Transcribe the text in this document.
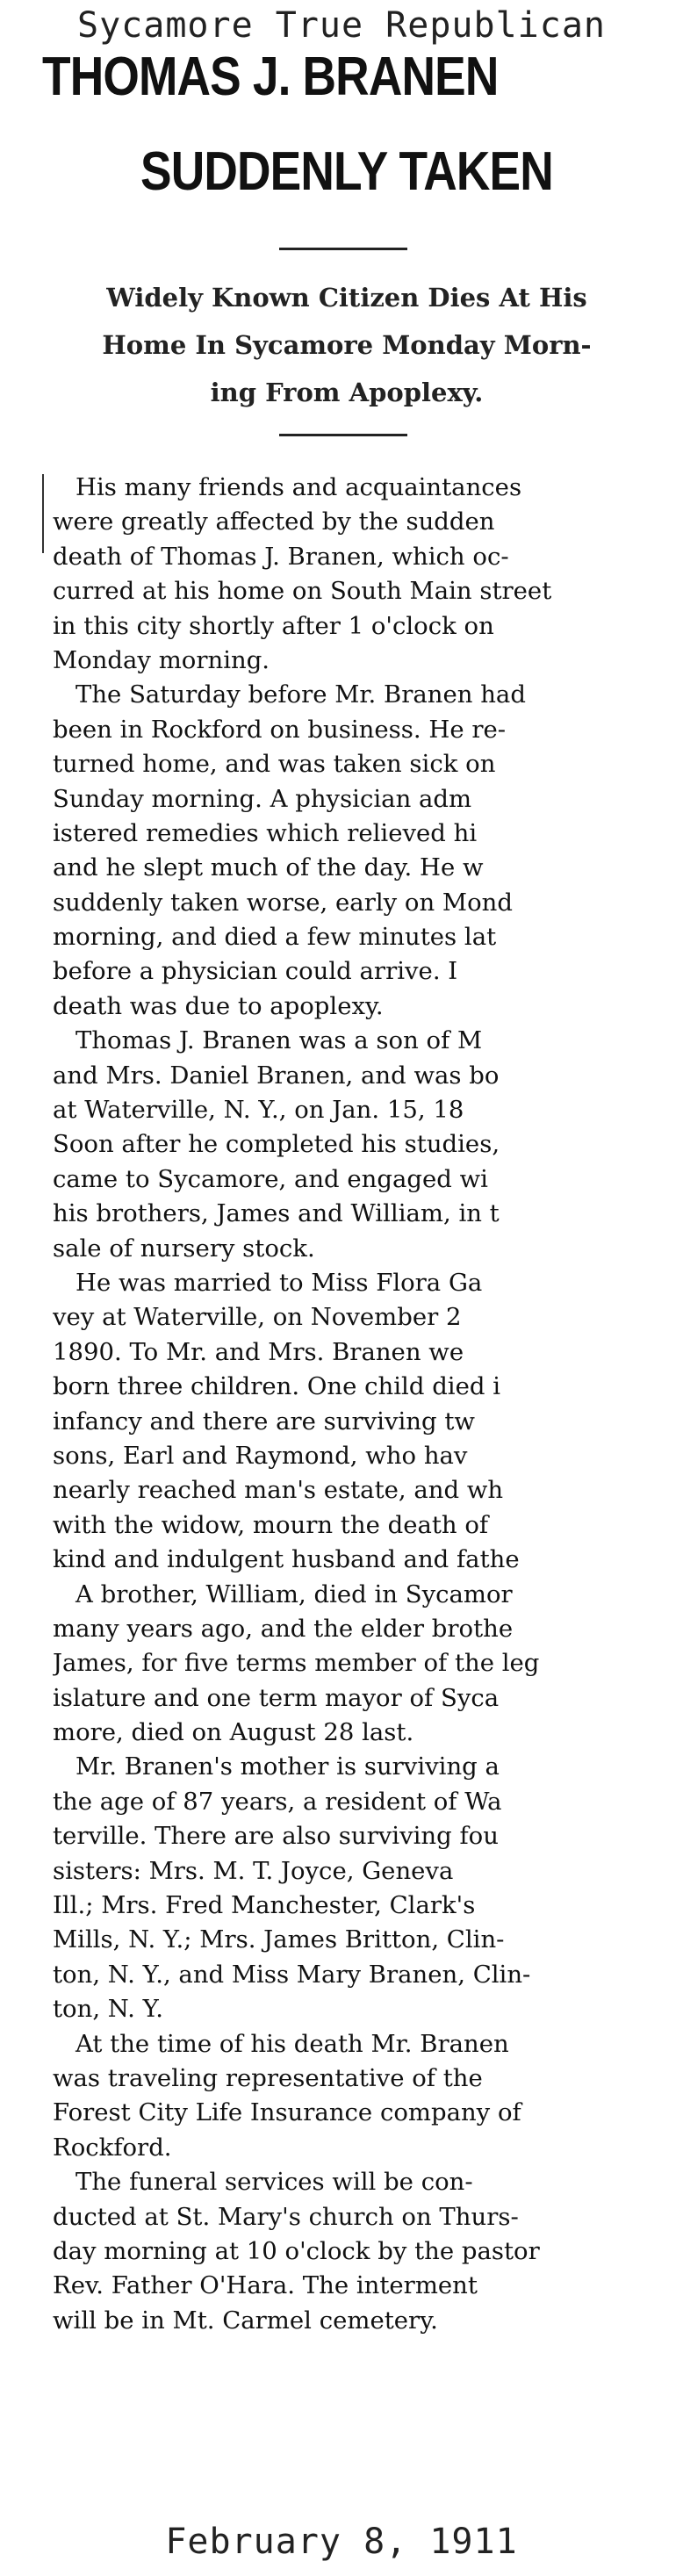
Sycamore True Republican
THOMAS J. BRANEN
SUDDENLY TAKEN
Widely Known Citizen Dies At His
Home In Sycamore Monday Morn-
ing From Apoplexy.
His many friends and acquaintances
were greatly affected by the sudden
death of Thomas J. Branen, which oc-
curred at his home on South Main street
in this city shortly after 1 o'clock on
Monday morning.
The Saturday before Mr. Branen had
been in Rockford on business. He re-
turned home, and was taken sick on
Sunday morning. A physician adm
istered remedies which relieved hi
and he slept much of the day. He w
suddenly taken worse, early on Mond
morning, and died a few minutes lat
before a physician could arrive. I
death was due to apoplexy.
Thomas J. Branen was a son of M
and Mrs. Daniel Branen, and was bo
at Waterville, N. Y., on Jan. 15, 18
Soon after he completed his studies,
came to Sycamore, and engaged wi
his brothers, James and William, in t
sale of nursery stock.
He was married to Miss Flora Ga
vey at Waterville, on November 2
1890. To Mr. and Mrs. Branen we
born three children. One child died i
infancy and there are surviving tw
sons, Earl and Raymond, who hav
nearly reached man's estate, and wh
with the widow, mourn the death of
kind and indulgent husband and fathe
A brother, William, died in Sycamor
many years ago, and the elder brothe
James, for five terms member of the leg
islature and one term mayor of Syca
more, died on August 28 last.
Mr. Branen's mother is surviving a
the age of 87 years, a resident of Wa
terville. There are also surviving fou
sisters: Mrs. M. T. Joyce, Geneva
Ill.; Mrs. Fred Manchester, Clark's
Mills, N. Y.; Mrs. James Britton, Clin-
ton, N. Y., and Miss Mary Branen, Clin-
ton, N. Y.
At the time of his death Mr. Branen
was traveling representative of the
Forest City Life Insurance company of
Rockford.
The funeral services will be con-
ducted at St. Mary's church on Thurs-
day morning at 10 o'clock by the pastor
Rev. Father O'Hara. The interment
will be in Mt. Carmel cemetery.
February 8, 1911
